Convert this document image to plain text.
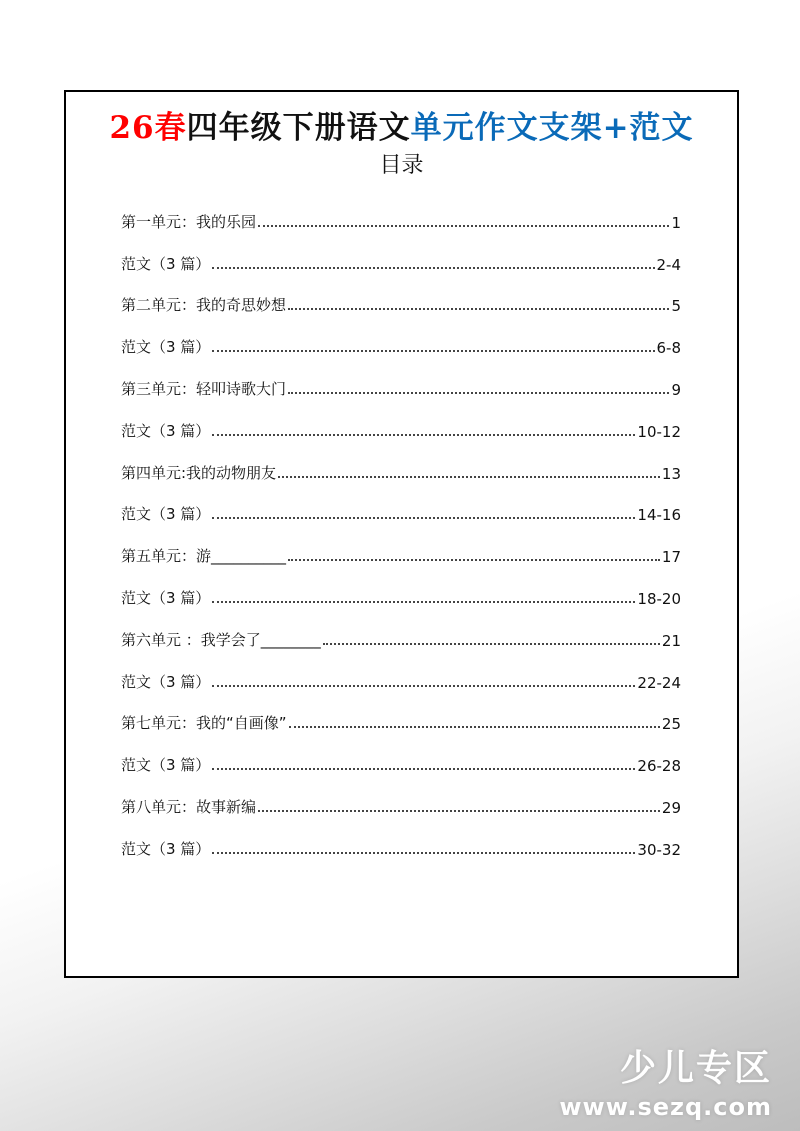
26春四年级下册语文单元作文支架+范文
目录
第一单元：我的乐园	1
范文（3 篇）	2-4
第二单元：我的奇思妙想	5
范文（3 篇）	6-8
第三单元：轻叩诗歌大门	9
范文（3 篇）	10-12
第四单元:我的动物朋友	13
范文（3 篇）	14-16
第五单元：游__________	17
范文（3 篇）	18-20
第六单元 ：我学会了________	21
范文（3 篇）	22-24
第七单元：我的“自画像”	25
范文（3 篇）	26-28
第八单元：故事新编	29
范文（3 篇）	30-32
少儿专区
www.sezq.com
